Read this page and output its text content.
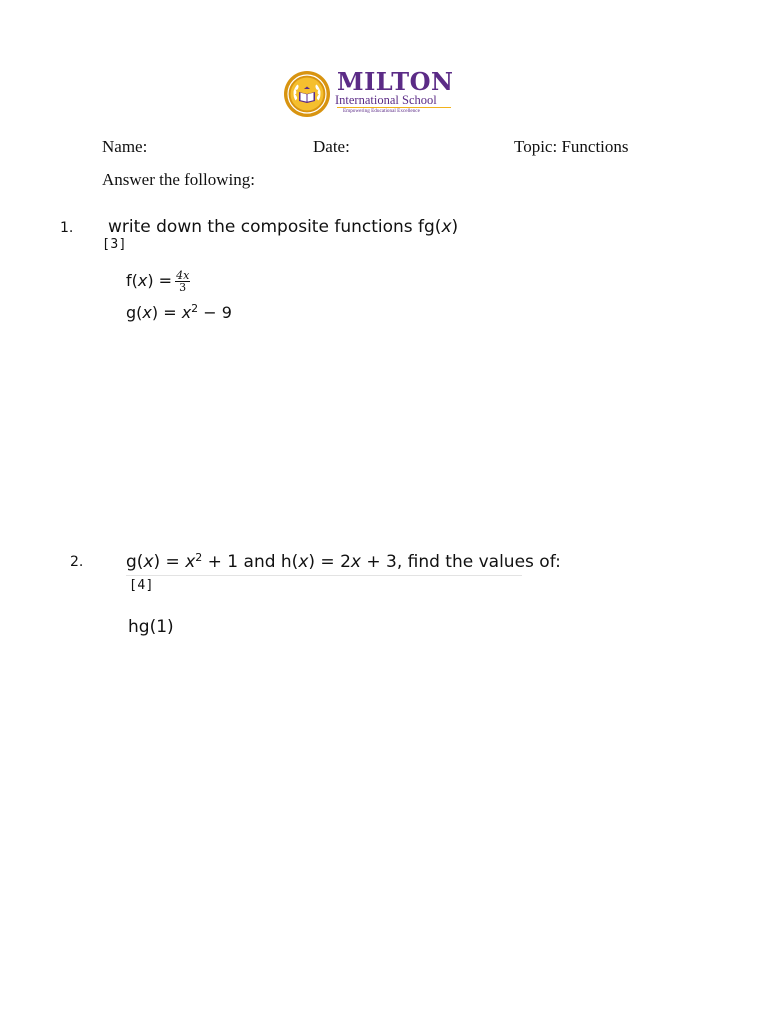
MILTON
International School
Empowering Educational Excellence
Name:	Date:	Topic: Functions
Answer the following:
1. write down the composite functions fg(x)
[3]
$f(x) = \frac{4x}{3}$
$g(x) = x^2 - 9$
2.	$g(x) = x^2 + 1$ and h(x) = 2x + 3, find the values of:
[4]
hg(1)
